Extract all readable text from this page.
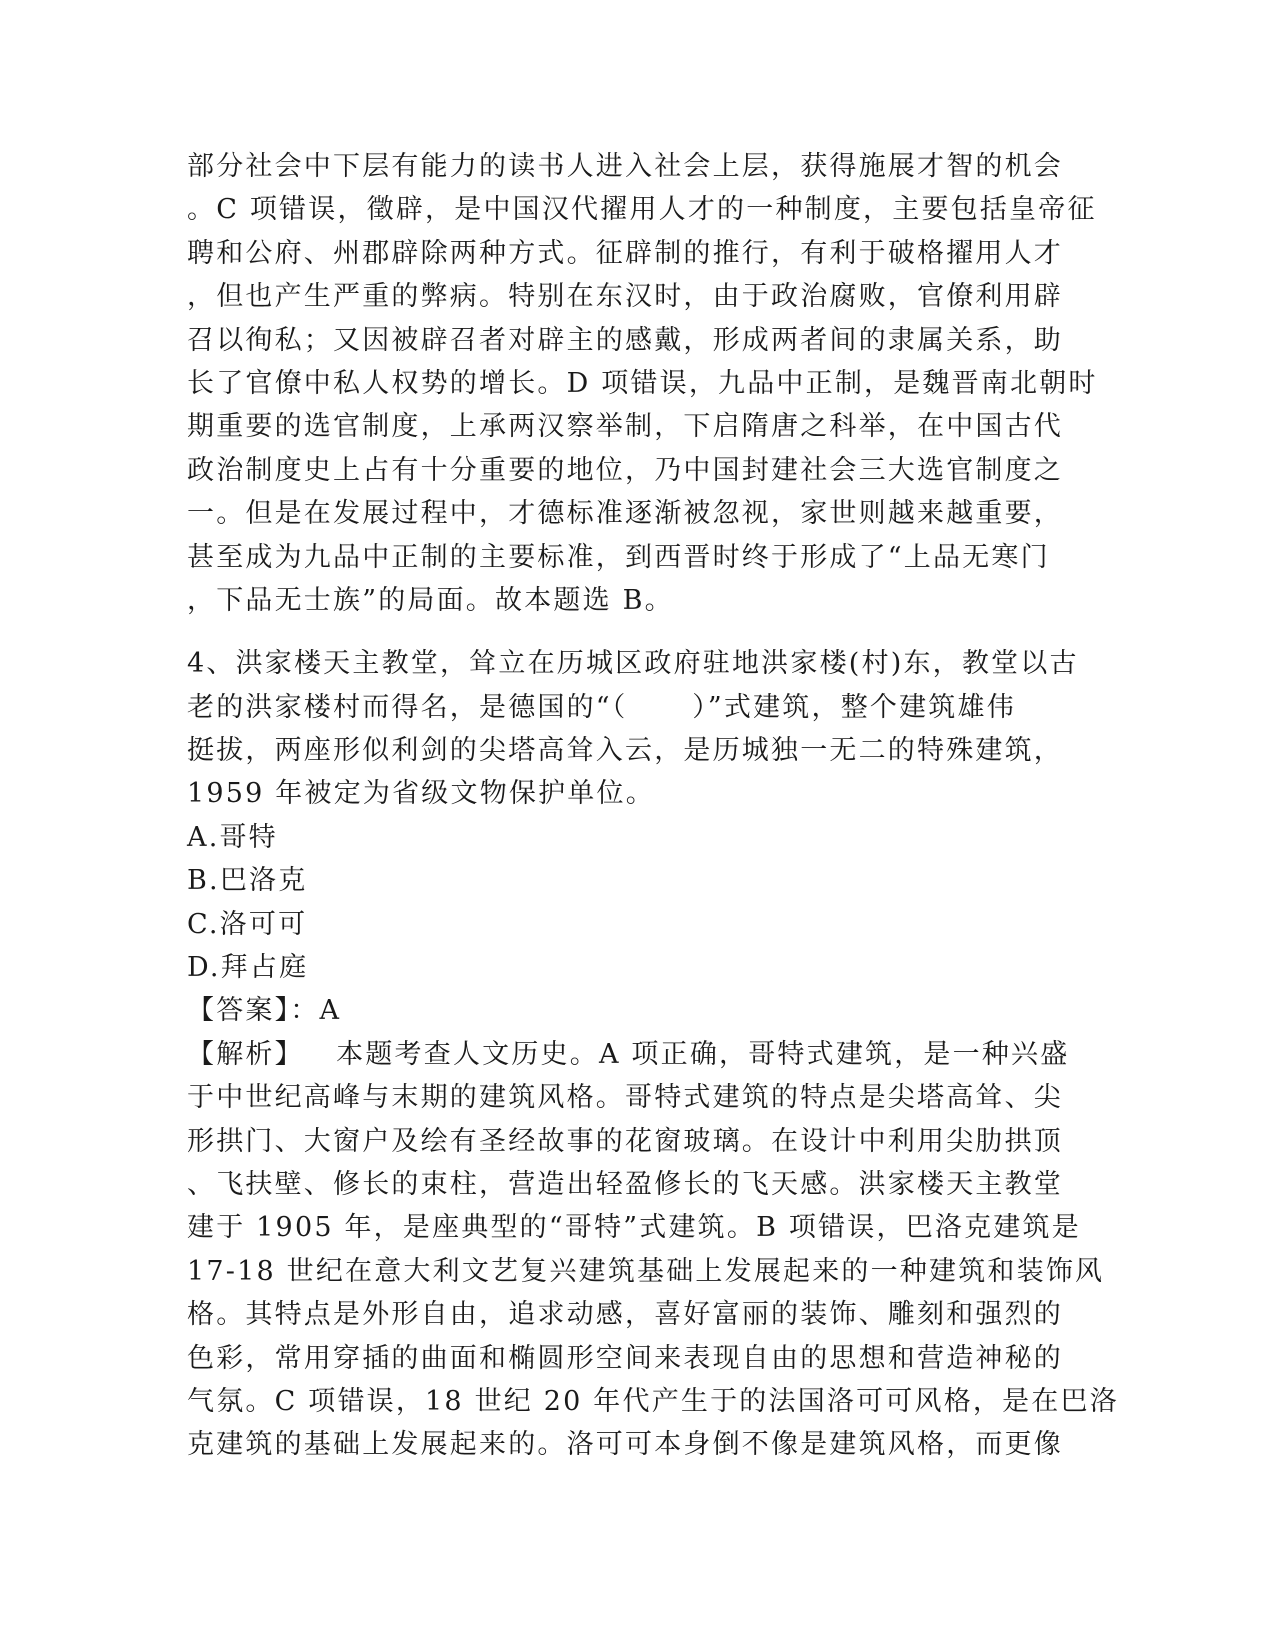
部分社会中下层有能力的读书人进入社会上层，获得施展才智的机会
。C 项错误，徵辟，是中国汉代擢用人才的一种制度，主要包括皇帝征
聘和公府、州郡辟除两种方式。征辟制的推行，有利于破格擢用人才
，但也产生严重的弊病。特别在东汉时，由于政治腐败，官僚利用辟
召以徇私；又因被辟召者对辟主的感戴，形成两者间的隶属关系，助
长了官僚中私人权势的增长。D 项错误，九品中正制，是魏晋南北朝时
期重要的选官制度，上承两汉察举制，下启隋唐之科举，在中国古代
政治制度史上占有十分重要的地位，乃中国封建社会三大选官制度之
一。但是在发展过程中，才德标准逐渐被忽视，家世则越来越重要，
甚至成为九品中正制的主要标准，到西晋时终于形成了“上品无寒门
，下品无士族”的局面。故本题选 B。
4、洪家楼天主教堂，耸立在历城区政府驻地洪家楼(村)东，教堂以古
老的洪家楼村而得名，是德国的“（      ）”式建筑，整个建筑雄伟
挺拔，两座形似利剑的尖塔高耸入云，是历城独一无二的特殊建筑，
1959 年被定为省级文物保护单位。
A.哥特
B.巴洛克
C.洛可可
D.拜占庭
【答案】：A
【解析】   本题考查人文历史。A 项正确，哥特式建筑，是一种兴盛
于中世纪高峰与末期的建筑风格。哥特式建筑的特点是尖塔高耸、尖
形拱门、大窗户及绘有圣经故事的花窗玻璃。在设计中利用尖肋拱顶
、飞扶壁、修长的束柱，营造出轻盈修长的飞天感。洪家楼天主教堂
建于 1905 年，是座典型的“哥特”式建筑。B 项错误，巴洛克建筑是
17-18 世纪在意大利文艺复兴建筑基础上发展起来的一种建筑和装饰风
格。其特点是外形自由，追求动感，喜好富丽的装饰、雕刻和强烈的
色彩，常用穿插的曲面和椭圆形空间来表现自由的思想和营造神秘的
气氛。C 项错误，18 世纪 20 年代产生于的法国洛可可风格，是在巴洛
克建筑的基础上发展起来的。洛可可本身倒不像是建筑风格，而更像
